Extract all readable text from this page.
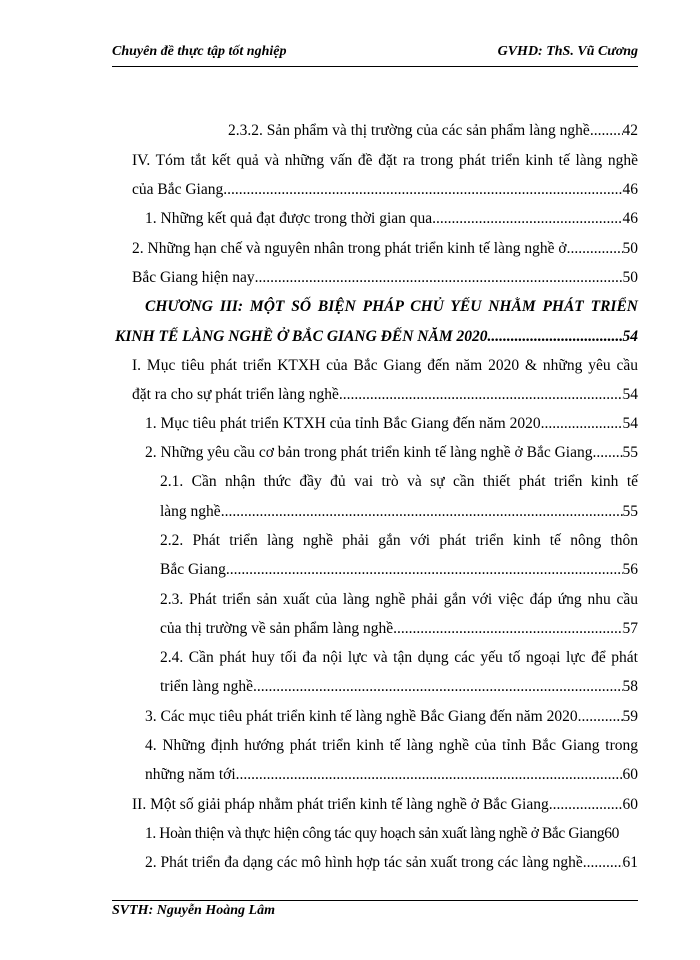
Chuyên đề thực tập tốt nghiệp	GVHD: ThS. Vũ Cương
2.3.2. Sản phẩm và thị trường của các sản phẩm làng nghề ..... 42
IV. Tóm tắt kết quả và những vấn đề đặt ra trong phát triển kinh tế làng nghề
của Bắc Giang .....	46
1. Những kết quả đạt được trong thời gian qua .....	46
2. Những hạn chế và nguyên nhân trong phát triển kinh tế làng nghề ở .....	50
Bắc Giang hiện nay .....	50
CHƯƠNG III: MỘT SỐ BIỆN PHÁP CHỦ YẾU NHẰM PHÁT TRIỂN
KINH TẾ LÀNG NGHỀ Ở BẮC GIANG ĐẾN NĂM 2020 .....	54
I. Mục tiêu phát triển KTXH của Bắc Giang đến năm 2020 & những yêu cầu
đặt ra cho sự phát triển làng nghề .....	54
1. Mục tiêu phát triển KTXH của tỉnh Bắc Giang đến năm 2020 .....	54
2. Những yêu cầu cơ bản trong phát triển kinh tế làng nghề ở Bắc Giang ..... 55
2.1. Cần nhận thức đầy đủ vai trò và sự cần thiết phát triển kinh tế
làng nghề .....	55
2.2. Phát triển làng nghề phải gắn với phát triển kinh tế nông thôn
Bắc Giang .....	56
2.3. Phát triển sản xuất của làng nghề phải gắn với việc đáp ứng nhu cầu
của thị trường về sản phẩm làng nghề .....	57
2.4. Cần phát huy tối đa nội lực và tận dụng các yếu tố ngoại lực để phát
triển làng nghề .....	58
3. Các mục tiêu phát triển kinh tế làng nghề Bắc Giang đến năm 2020 .....	59
4. Những định hướng phát triển kinh tế làng nghề của tỉnh Bắc Giang trong
những năm tới .....	60
II. Một số giải pháp nhằm phát triển kinh tế làng nghề ở Bắc Giang .....	60
1. Hoàn thiện và thực hiện công tác quy hoạch sản xuất làng nghề ở Bắc Giang 60
2. Phát triển đa dạng các mô hình hợp tác sản xuất trong các làng nghề .....	61
SVTH: Nguyễn Hoàng Lâm
